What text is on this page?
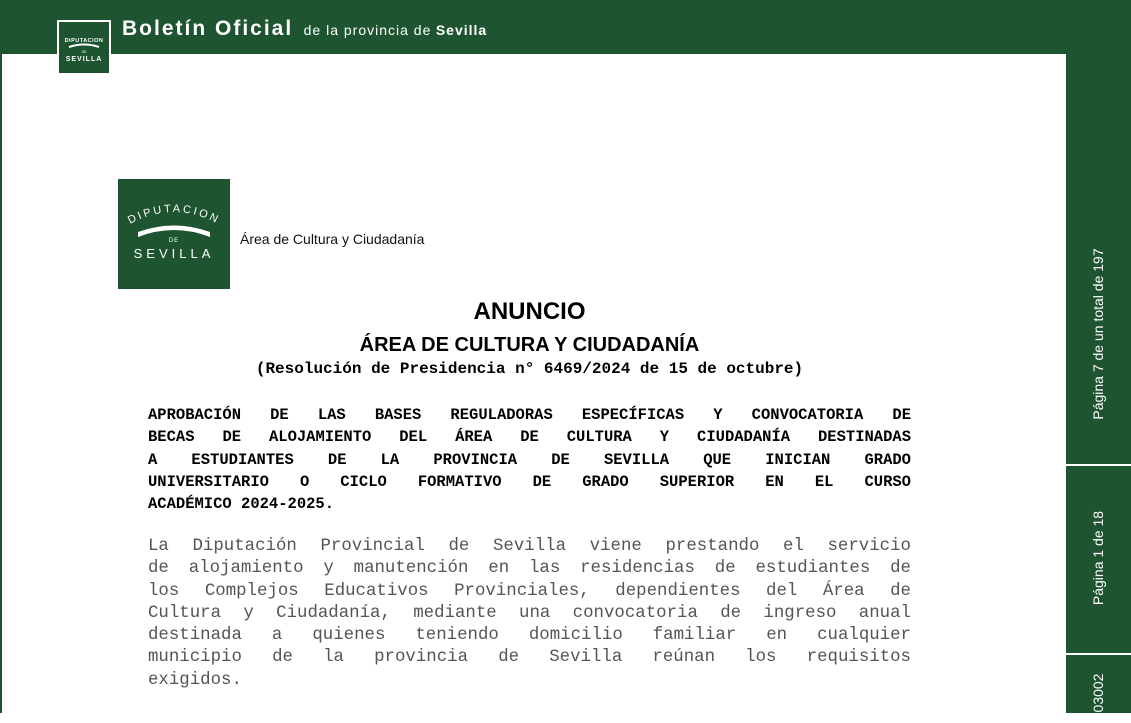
Página 7 de un total de 197
Página 1 de 18
03002
DIPUTACION
DE
SEVILLA
Boletín Oficial de la provincia de Sevilla
DIPUTACION
DE
SEVILLA
Área de Cultura y Ciudadanía
ANUNCIO
ÁREA DE CULTURA Y CIUDADANÍA
(Resolución de Presidencia n° 6469/2024 de 15 de octubre)
APROBACIÓN DE LAS BASES REGULADORAS ESPECÍFICAS Y CONVOCATORIA DE
BECAS DE ALOJAMIENTO DEL ÁREA DE CULTURA Y CIUDADANÍA DESTINADAS
A ESTUDIANTES DE LA PROVINCIA DE SEVILLA QUE INICIAN GRADO
UNIVERSITARIO O CICLO FORMATIVO DE GRADO SUPERIOR EN EL CURSO
ACADÉMICO 2024-2025.
La Diputación Provincial de Sevilla viene prestando el servicio
de alojamiento y manutención en las residencias de estudiantes de
los Complejos Educativos Provinciales, dependientes del Área de
Cultura y Ciudadanía, mediante una convocatoria de ingreso anual
destinada a quienes teniendo domicilio familiar en cualquier
municipio de la provincia de Sevilla reúnan los requisitos
exigidos.
